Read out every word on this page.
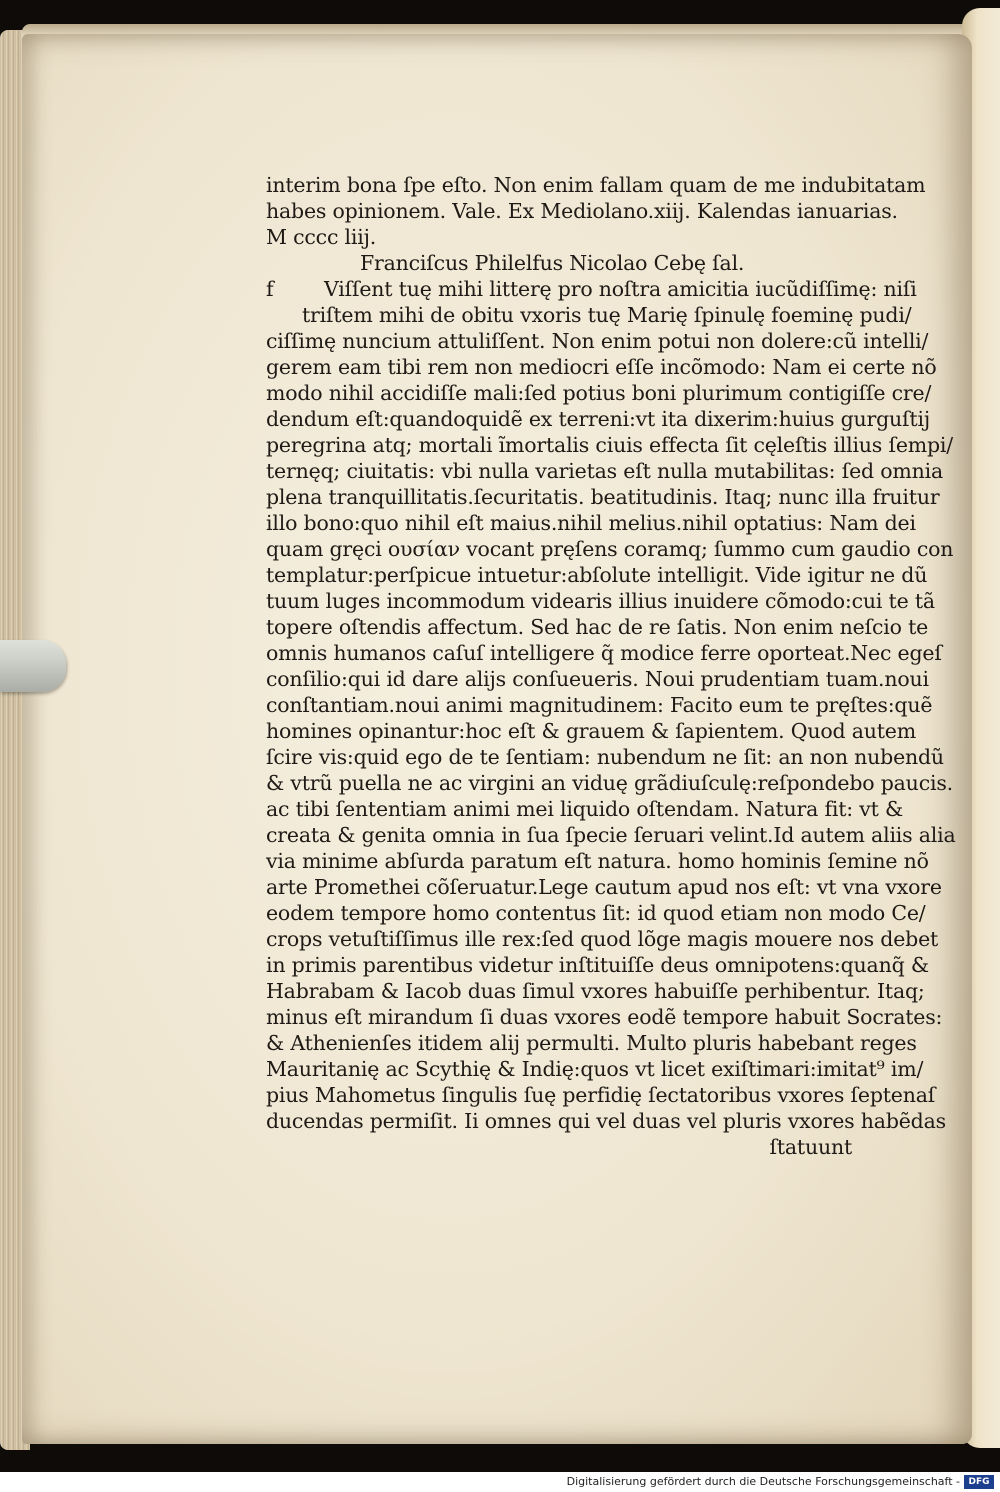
interim bona ſpe eſto. Non enim fallam quam de me indubitatam
habes opinionem. Vale. Ex Mediolano.xiij. Kalendas ianuarias.
M cccc liij.
Franciſcus Philelfus Nicolao Cebę ſal.
f Viſſent tuę mihi litterę pro noſtra amicitia iucũdiſſimę: niſi
triſtem mihi de obitu vxoris tuę Marię ſpinulę foeminę pudi/
ciſſimę nuncium attuliſſent. Non enim potui non dolere:cũ intelli/
gerem eam tibi rem non mediocri eſſe incõmodo: Nam ei certe nõ
modo nihil accidiſſe mali:ſed potius boni plurimum contigiſſe cre/
dendum eſt:quandoquidẽ ex terreni:vt ita dixerim:huius gurguſtij
peregrina atq; mortali ĩmortalis ciuis effecta ſit cęleſtis illius ſempi/
ternęq; ciuitatis: vbi nulla varietas eſt nulla mutabilitas: ſed omnia
plena tranquillitatis.ſecuritatis. beatitudinis. Itaq; nunc illa fruitur
illo bono:quo nihil eſt maius.nihil melius.nihil optatius: Nam dei
quam gręci ουσίαν vocant pręſens coramq; ſummo cum gaudio con
templatur:perſpicue intuetur:abſolute intelligit. Vide igitur ne dũ
tuum luges incommodum videaris illius inuidere cõmodo:cui te tã
topere oſtendis affectum. Sed hac de re ſatis. Non enim neſcio te
omnis humanos caſuſ intelligere q̃ modice ferre oporteat.Nec egeſ
conſilio:qui id dare alijs conſueueris. Noui prudentiam tuam.noui
conſtantiam.noui animi magnitudinem: Facito eum te pręſtes:quẽ
homines opinantur:hoc eſt & grauem & ſapientem. Quod autem
ſcire vis:quid ego de te ſentiam: nubendum ne ſit: an non nubendũ
& vtrũ puella ne ac virgini an viduę grãdiuſculę:reſpondebo paucis.
ac tibi ſententiam animi mei liquido oſtendam. Natura fit: vt &
creata & genita omnia in ſua ſpecie ſeruari velint.Id autem aliis alia
via minime abſurda paratum eſt natura. homo hominis ſemine nõ
arte Promethei cõſeruatur.Lege cautum apud nos eſt: vt vna vxore
eodem tempore homo contentus ſit: id quod etiam non modo Ce/
crops vetuſtiſſimus ille rex:ſed quod lõge magis mouere nos debet
in primis parentibus videtur inſtituiſſe deus omnipotens:quanq̃ &
Habrabam & Iacob duas ſimul vxores habuiſſe perhibentur. Itaq;
minus eſt mirandum ſi duas vxores eodẽ tempore habuit Socrates:
& Athenienſes itidem alij permulti. Multo pluris habebant reges
Mauritanię ac Scythię & Indię:quos vt licet exiſtimari:imitat⁹ im/
pius Mahometus ſingulis ſuę perfidię ſectatoribus vxores ſeptenaſ
ducendas permiſit. Ii omnes qui vel duas vel pluris vxores habẽdas
ſtatuunt
Digitalisierung gefördert durch die Deutsche Forschungsgemeinschaft - DFG
